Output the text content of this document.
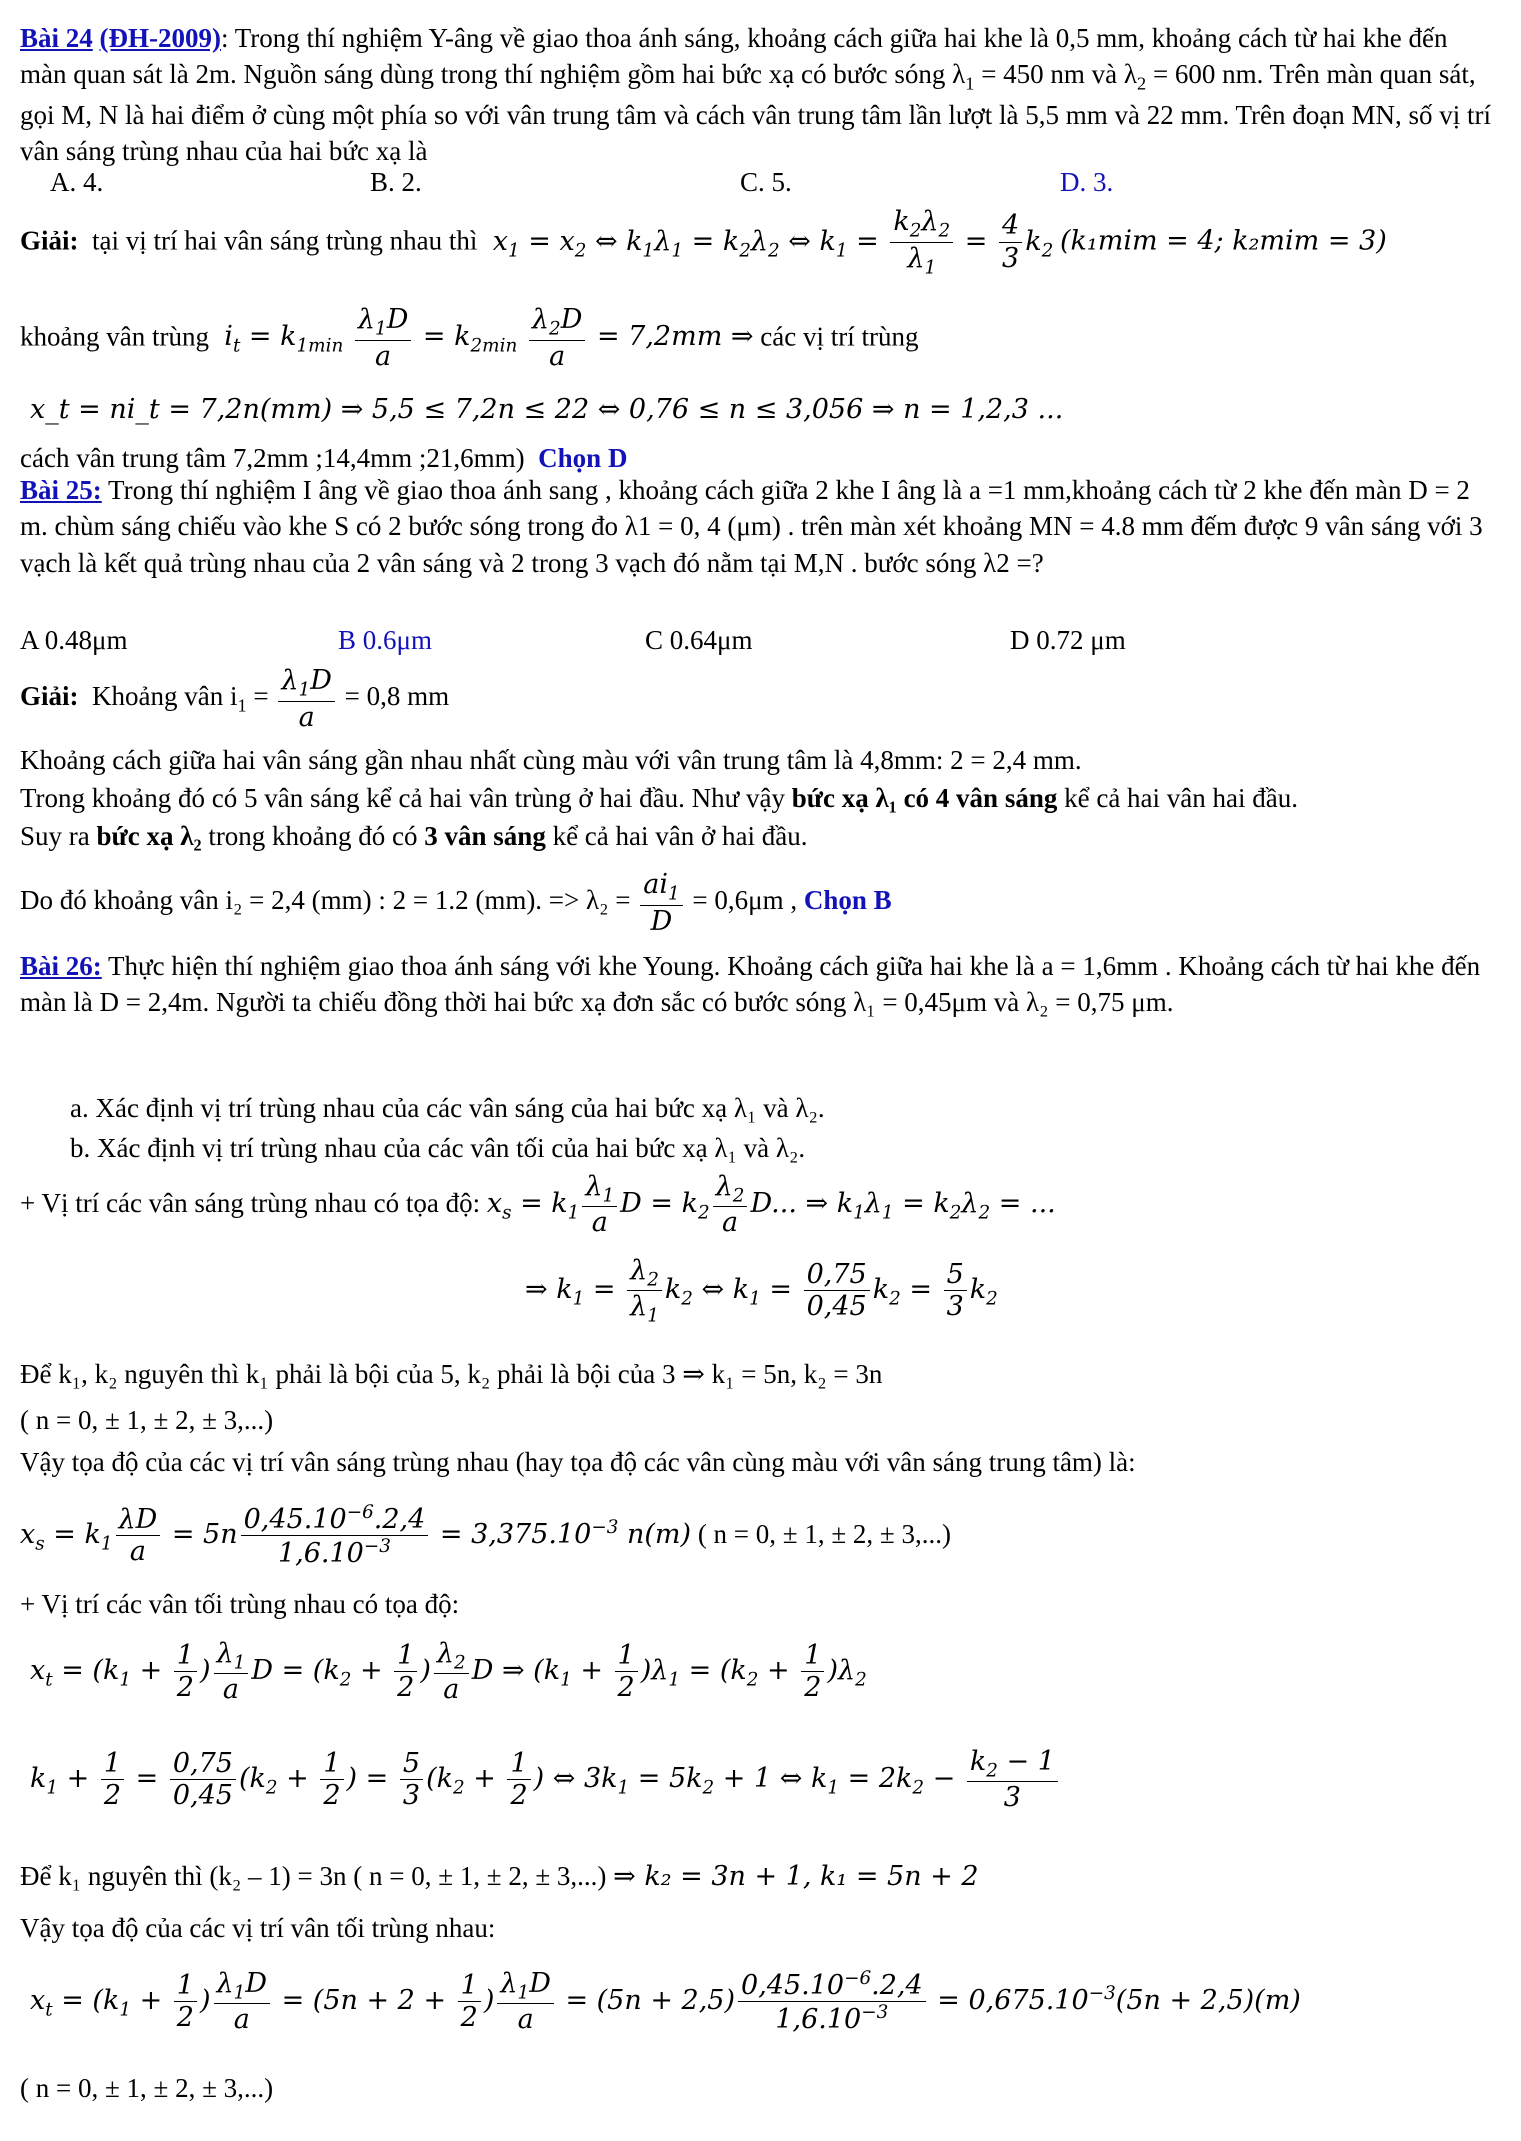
Bài 24 (ĐH-2009): Trong thí nghiệm Y-âng về giao thoa ánh sáng, khoảng cách giữa hai khe là 0,5 mm, khoảng cách từ hai khe đến màn quan sát là 2m. Nguồn sáng dùng trong thí nghiệm gồm hai bức xạ có bước sóng $\lambda_1 = 450$ nm và $\lambda_2 = 600$ nm. Trên màn quan sát, gọi M, N là hai điểm ở cùng một phía so với vân trung tâm và cách vân trung tâm lần lượt là 5,5 mm và 22 mm. Trên đoạn MN, số vị trí vân sáng trùng nhau của hai bức xạ là
A. 4.	B. 2.	C. 5.	D. 3.
Giải: tại vị trí hai vân sáng trùng nhau thì  $x_1 = x_2$ ⇔ $k_1\lambda_1 = k_2\lambda_2$ ⇔ $k_1 = \frac{k_2\lambda_2}{\lambda_1} = \frac{4}{3} k_2$ (k₁mim = 4; k₂mim = 3)
khoảng vân trùng  $i_t = k_{1min} \frac{\lambda_1D}{a} = k_{2min} \frac{\lambda_2D}{a} = 7,2mm$ ⇒ các vị trí trùng
x_t = ni_t = 7,2n(mm) ⇒ 5,5 ≤ 7,2n ≤ 22 ⇔ 0,76 ≤ n ≤ 3,056 ⇒ n = 1,2,3 ...
cách vân trung tâm 7,2mm ;14,4mm ;21,6mm) Chọn D
Bài 25: Trong thí nghiệm I âng về giao thoa ánh sang , khoảng cách giữa 2 khe I âng là a =1 mm,khoảng cách từ 2 khe đến màn D = 2 m. chùm sáng chiếu vào khe S có 2 bước sóng trong đo λ1 = 0, 4 (μm) . trên màn xét khoảng MN = 4.8 mm đếm được 9 vân sáng với 3 vạch là kết quả trùng nhau của 2 vân sáng và 2 trong 3 vạch đó nằm tại M,N . bước sóng λ2 =?
A 0.48μm	B 0.6μm	C 0.64μm	D 0.72 μm
Giải: Khoảng vân $i_1 = \frac{\lambda_1D}{a} = 0,8$ mm
Khoảng cách giữa hai vân sáng gần nhau nhất cùng màu với vân trung tâm là 4,8mm: 2 = 2,4 mm.
Trong khoảng đó có 5 vân sáng kể cả hai vân trùng ở hai đầu. Như vậy bức xạ λ₁ có 4 vân sáng kể cả hai vân hai đầu.
Suy ra bức xạ λ₂ trong khoảng đó có 3 vân sáng kể cả hai vân ở hai đầu.
Do đó khoảng vân i₂ = 2,4 (mm) : 2 = 1.2 (mm). => $\lambda_2 = \frac{ai_1}{D} = 0,6\mu m$ , Chọn B
Bài 26: Thực hiện thí nghiệm giao thoa ánh sáng với khe Young. Khoảng cách giữa hai khe là a = 1,6mm . Khoảng cách từ hai khe đến màn là D = 2,4m. Người ta chiếu đồng thời hai bức xạ đơn sắc có bước sóng λ₁ = 0,45μm và λ₂ = 0,75 μm.
a. Xác định vị trí trùng nhau của các vân sáng của hai bức xạ λ₁ và λ₂.
b. Xác định vị trí trùng nhau của các vân tối của hai bức xạ λ₁ và λ₂.
+ Vị trí các vân sáng trùng nhau có tọa độ: $x_s = k_1 \frac{\lambda_1}{a}$ $D = k_2 \frac{\lambda_2}{a} D$... ⇒ $k_1\lambda_1 = k_2\lambda_2$ = ...
⇒ $k_1 = \frac{\lambda_2}{\lambda_1} k_2$ ⇔ $k_1 = \frac{0,75}{0,45} k_2 = \frac{5}{3} k_2$
Để k₁, k₂ nguyên thì k₁ phải là bội của 5, k₂ phải là bội của 3 ⇒ k₁ = 5n, k₂ = 3n
( n = 0, ± 1, ± 2, ± 3,...)
Vậy tọa độ của các vị trí vân sáng trùng nhau (hay tọa độ các vân cùng màu với vân sáng trung tâm) là:
$x_s = k_1 \frac{\lambda D}{a} = 5n \frac{0,45.10^{-6}.2,4}{1,6.10^{-3}} = 3,375.10^{-3}$ n(m) ( n = 0, ± 1, ± 2, ± 3,...)
+ Vị trí các vân tối trùng nhau có tọa độ:
$x_t = (k_1 + \frac{1}{2}$ ) $\frac{\lambda_1}{a}$ $D = (k_2 + \frac{1}{2}$ ) $\frac{\lambda_2}{a}$ D ⇒ $(k_1 + \frac{1}{2} )\lambda_1 = (k_2 + \frac{1}{2} )\lambda_2$
$k_1 + \frac{1}{2} = \frac{0,75}{0,45} (k_2 + \frac{1}{2}$ ) = $\frac{5}{3} (k_2 + \frac{1}{2}$ ) ⇔ $3k_1 = 5k_2 + 1$ ⇔ $k_1 = 2k_2 - \frac{k_2 - 1}{3}$
Để k₁ nguyên thì (k₂ – 1) = 3n ( n = 0, ± 1, ± 2, ± 3,...) ⇒ k₂ = 3n + 1, k₁ = 5n + 2
Vậy tọa độ của các vị trí vân tối trùng nhau:
$x_t = (k_1 + \frac{1}{2}$ ) $\frac{\lambda_1D}{a} = (5n + 2 + \frac{1}{2}$ ) $\frac{\lambda_1D}{a} = (5n + 2,5) \frac{0,45.10^{-6}.2,4}{1,6.10^{-3}} = 0,675.10^{-3}(5n + 2,5)(m)$
( n = 0, ± 1, ± 2, ± 3,...)
